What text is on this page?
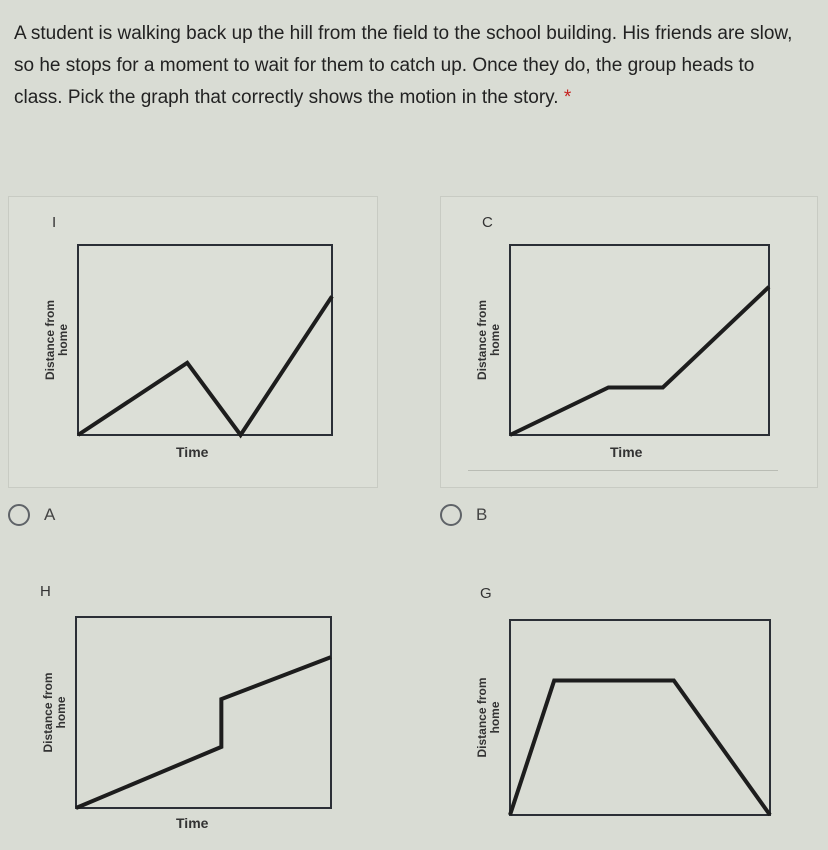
A student is walking back up the hill from the field to the school building. His friends are slow, so he stops for a moment to wait for them to catch up. Once they do, the group heads to class. Pick the graph that correctly shows the motion in the story. *
A	B
I
Distance fromhome
Time
C
Distance fromhome
Time
H
Distance fromhome
Time
G
Distance fromhome
